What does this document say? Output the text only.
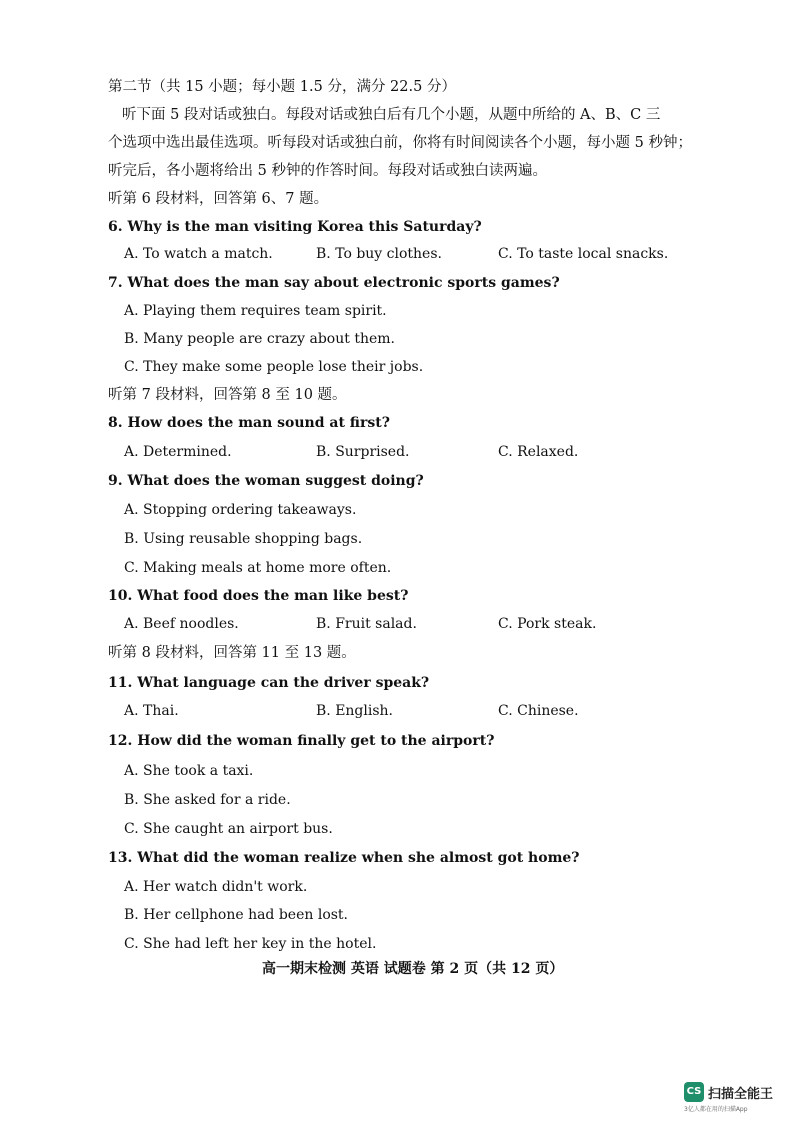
第二节（共 15 小题；每小题 1.5 分，满分 22.5 分）
听下面 5 段对话或独白。每段对话或独白后有几个小题，从题中所给的 A、B、C 三
个选项中选出最佳选项。听每段对话或独白前，你将有时间阅读各个小题，每小题 5 秒钟；
听完后，各小题将给出 5 秒钟的作答时间。每段对话或独白读两遍。
听第 6 段材料，回答第 6、7 题。
6. Why is the man visiting Korea this Saturday?
A. To watch a match.	B. To buy clothes.	C. To taste local snacks.
7. What does the man say about electronic sports games?
A. Playing them requires team spirit.
B. Many people are crazy about them.
C. They make some people lose their jobs.
听第 7 段材料，回答第 8 至 10 题。
8. How does the man sound at first?
A. Determined.	B. Surprised.	C. Relaxed.
9. What does the woman suggest doing?
A. Stopping ordering takeaways.
B. Using reusable shopping bags.
C. Making meals at home more often.
10. What food does the man like best?
A. Beef noodles.	B. Fruit salad.	C. Pork steak.
听第 8 段材料，回答第 11 至 13 题。
11. What language can the driver speak?
A. Thai.	B. English.	C. Chinese.
12. How did the woman finally get to the airport?
A. She took a taxi.
B. She asked for a ride.
C. She caught an airport bus.
13. What did the woman realize when she almost got home?
A. Her watch didn't work.
B. Her cellphone had been lost.
C. She had left her key in the hotel.
高一期末检测 英语 试题卷 第 2 页（共 12 页）
CS 扫描全能王
3亿人都在用的扫描App
